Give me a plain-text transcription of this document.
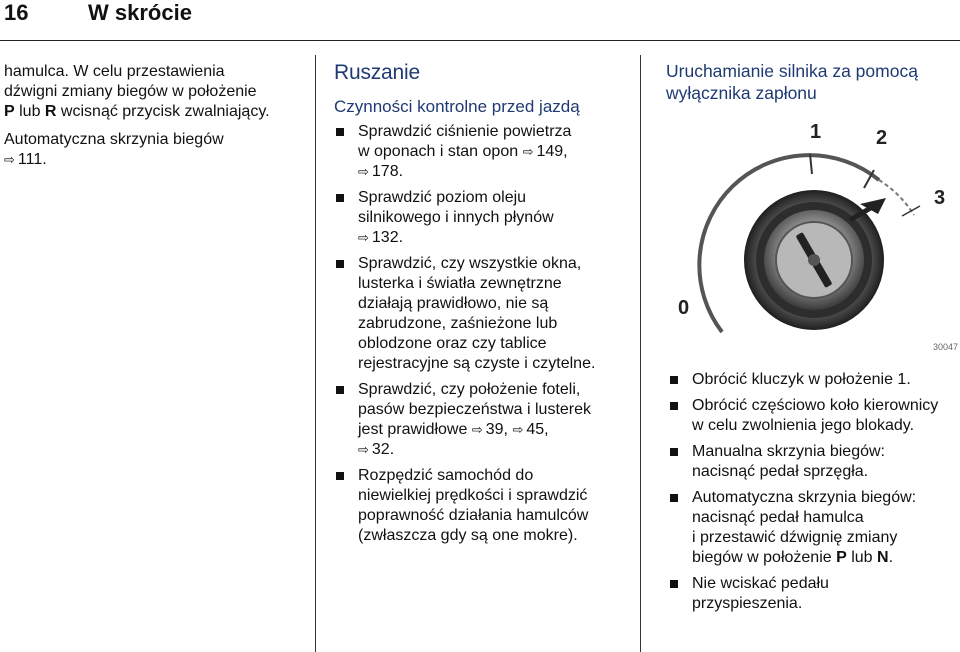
16	W skrócie

hamulca. W celu przestawienia

dźwigni zmiany biegów w położenie

P lub R wcisnąć przycisk zwalniający.

Automatyczna skrzynia biegów

⇨ 111.

Ruszanie
Czynności kontrolne przed jazdą
Sprawdzić ciśnienie powietrza
w oponach i stan opon ⇨ 149,
⇨ 178.
Sprawdzić poziom oleju
silnikowego i innych płynów
⇨ 132.
Sprawdzić, czy wszystkie okna,
lusterka i światła zewnętrzne
działają prawidłowo, nie są
zabrudzone, zaśnieżone lub
oblodzone oraz czy tablice
rejestracyjne są czyste i czytelne.
Sprawdzić, czy położenie foteli,
pasów bezpieczeństwa i lusterek
jest prawidłowe ⇨ 39, ⇨ 45,
⇨ 32.
Rozpędzić samochód do
niewielkiej prędkości i sprawdzić
poprawność działania hamulców
(zwłaszcza gdy są one mokre).
Uruchamianie silnika za pomocą
wyłącznika zapłonu
0
1	2
3
30047
Obrócić kluczyk w położenie 1.
Obrócić częściowo koło kierownicy
w celu zwolnienia jego blokady.
Manualna skrzynia biegów:
nacisnąć pedał sprzęgła.
Automatyczna skrzynia biegów:
nacisnąć pedał hamulca
i przestawić dźwignię zmiany
biegów w położenie P lub N.
Nie wciskać pedału
przyspieszenia.
